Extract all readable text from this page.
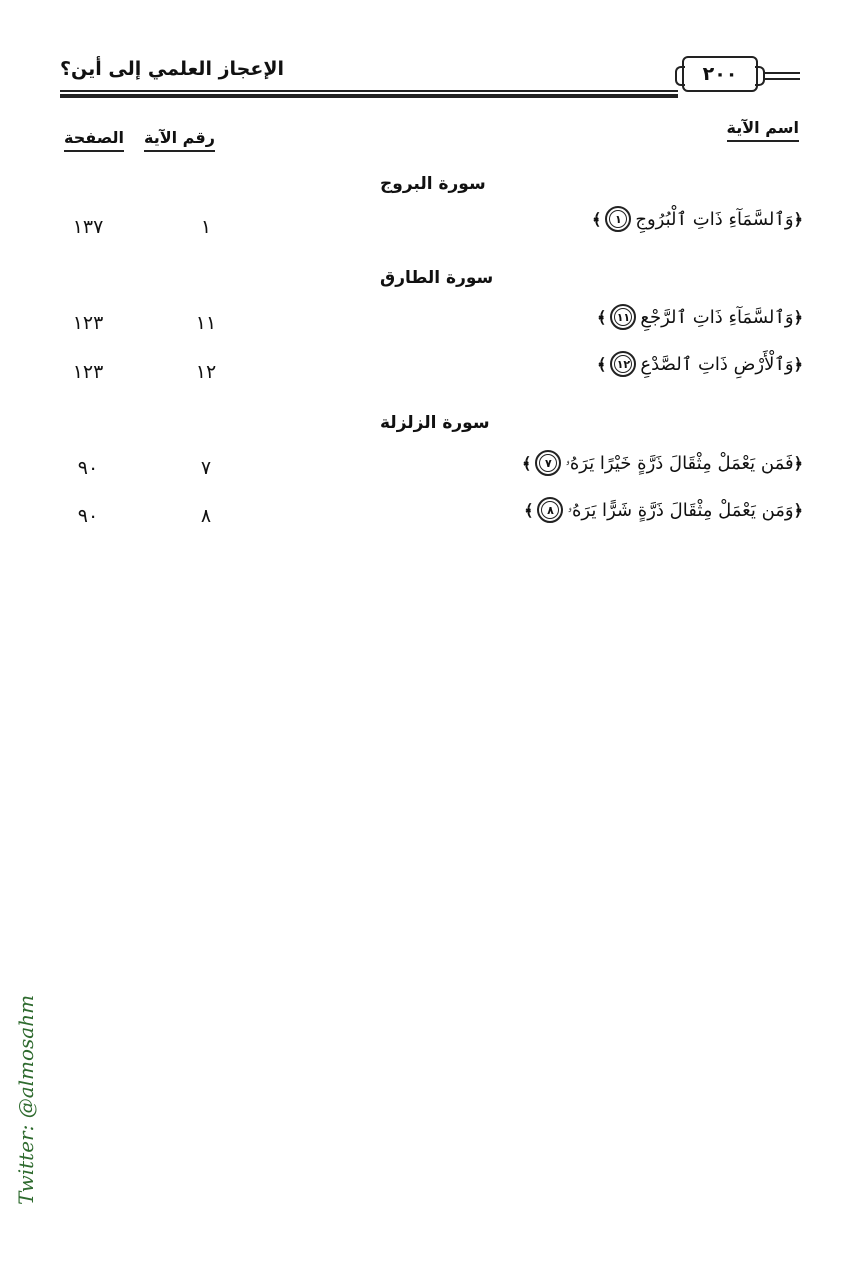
الإعجاز العلمي إلى أين؟	٢٠٠
اسم الآية
رقم الآية
الصفحة
سورة البروج
﴿
وَٱلسَّمَآءِ ذَاتِ ٱلْبُرُوجِ
١
﴾
١
١٣٧
سورة الطارق
﴿
وَٱلسَّمَآءِ ذَاتِ ٱلرَّجْعِ
١١
﴾
١١
١٢٣
﴿
وَٱلْأَرْضِ ذَاتِ ٱلصَّدْعِ
١٢
﴾
١٢
١٢٣
سورة الزلزلة
﴿
فَمَن يَعْمَلْ مِثْقَالَ ذَرَّةٍ خَيْرًا يَرَهُۥ
٧
﴾
٧
٩٠
﴿
وَمَن يَعْمَلْ مِثْقَالَ ذَرَّةٍ شَرًّا يَرَهُۥ
٨
﴾
٨
٩٠
Twitter: @almosahm
